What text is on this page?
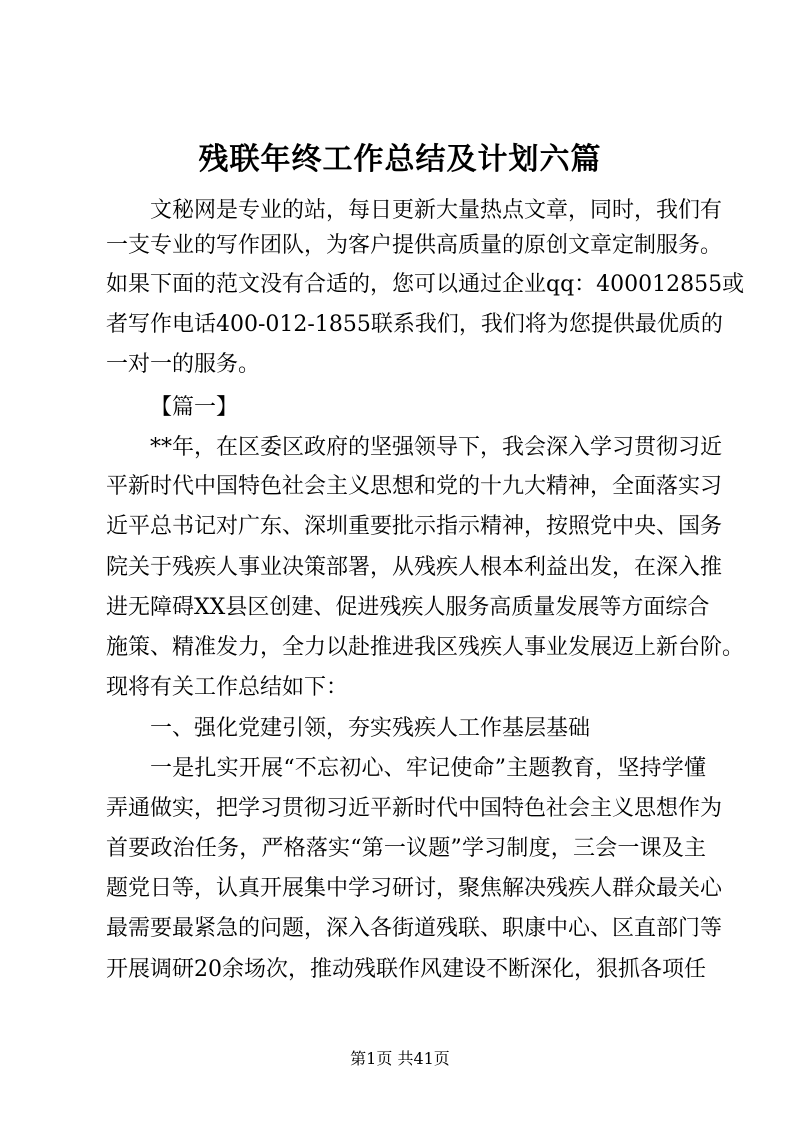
残联年终工作总结及计划六篇
文秘网是专业的站，每日更新大量热点文章，同时，我们有
一支专业的写作团队，为客户提供高质量的原创文章定制服务。
如果下面的范文没有合适的，您可以通过企业qq：400012855或
者写作电话400-012-1855联系我们，我们将为您提供最优质的
一对一的服务。
【篇一】
**年，在区委区政府的坚强领导下，我会深入学习贯彻习近
平新时代中国特色社会主义思想和党的十九大精神，全面落实习
近平总书记对广东、深圳重要批示指示精神，按照党中央、国务
院关于残疾人事业决策部署，从残疾人根本利益出发，在深入推
进无障碍XX县区创建、促进残疾人服务高质量发展等方面综合
施策、精准发力，全力以赴推进我区残疾人事业发展迈上新台阶。
现将有关工作总结如下：
一、强化党建引领，夯实残疾人工作基层基础
一是扎实开展“不忘初心、牢记使命”主题教育，坚持学懂
弄通做实，把学习贯彻习近平新时代中国特色社会主义思想作为
首要政治任务，严格落实“第一议题”学习制度，三会一课及主
题党日等，认真开展集中学习研讨，聚焦解决残疾人群众最关心
最需要最紧急的问题，深入各街道残联、职康中心、区直部门等
开展调研20余场次，推动残联作风建设不断深化，狠抓各项任
第1页 共41页
